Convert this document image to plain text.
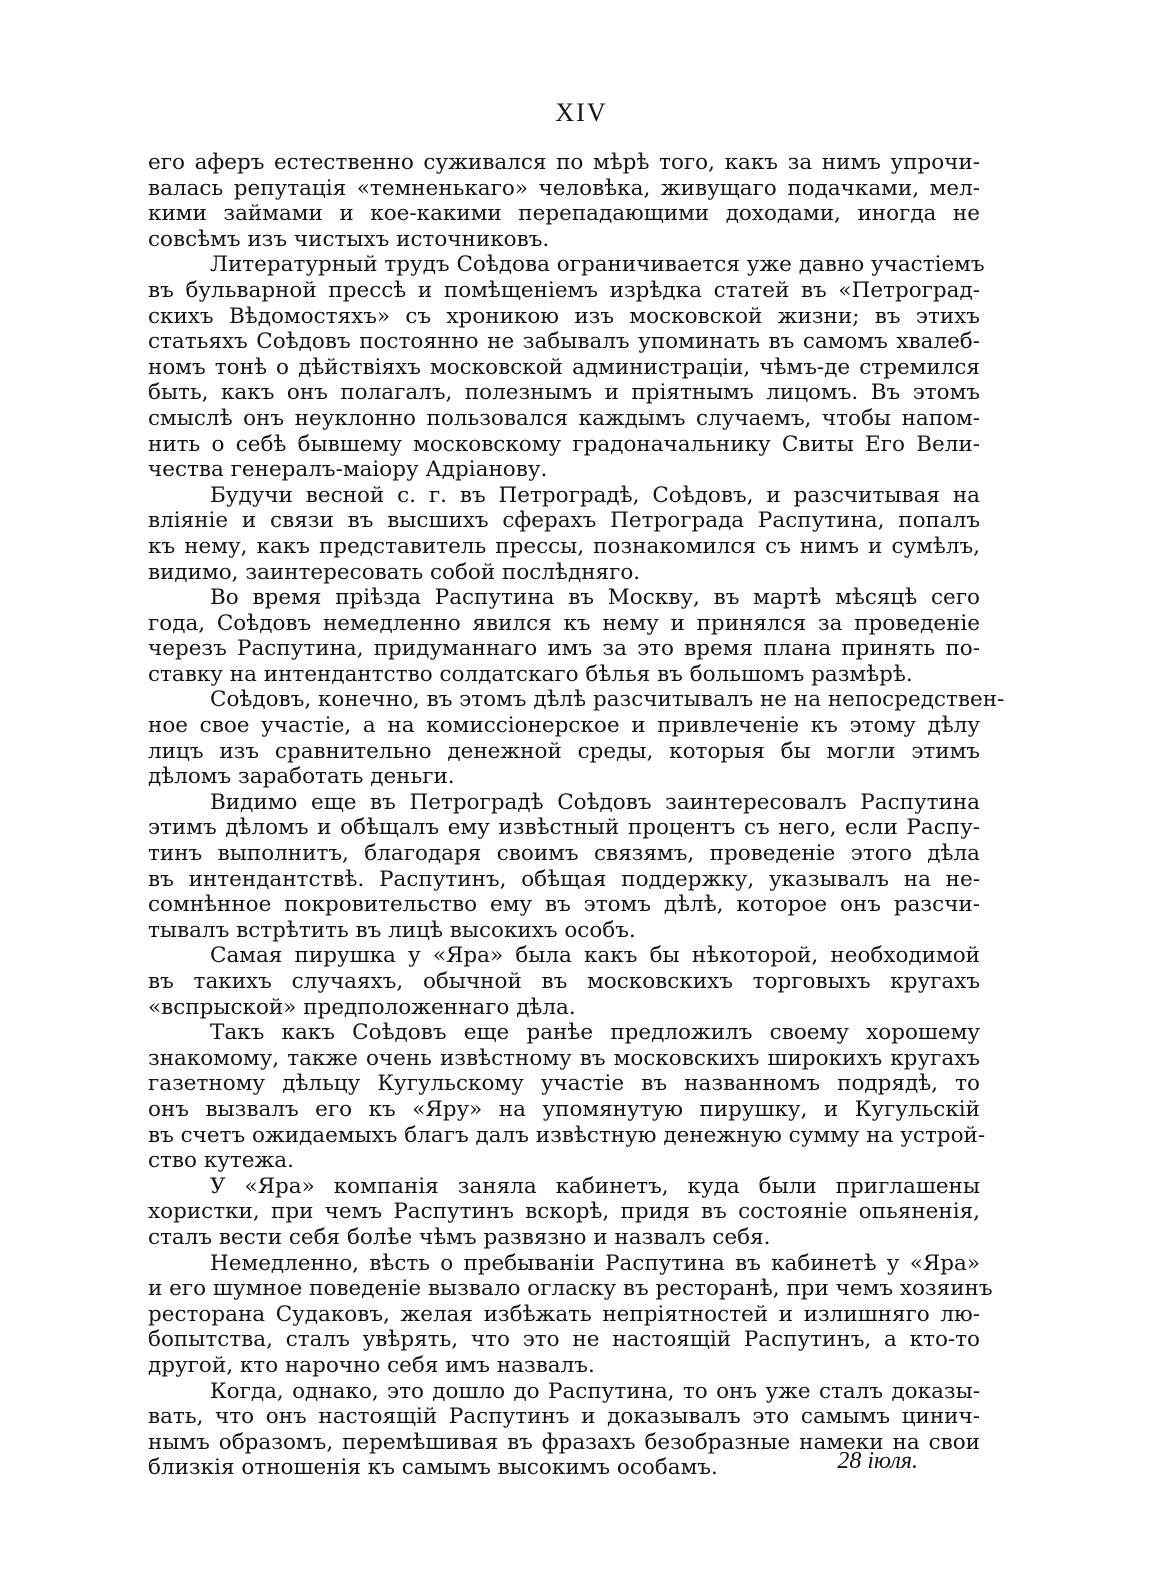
XIV
его аферъ естественно суживался по мѣрѣ того, какъ за нимъ упрочи-
валась репутація «темненькаго» человѣка, живущаго подачками, мел-
кими займами и кое-какими перепадающими доходами, иногда не
совсѣмъ изъ чистыхъ источниковъ.
Литературный трудъ Соѣдова ограничивается уже давно участіемъ
въ бульварной прессѣ и помѣщеніемъ изрѣдка статей въ «Петроград-
скихъ Вѣдомостяхъ» съ хроникою изъ московской жизни; въ этихъ
статьяхъ Соѣдовъ постоянно не забывалъ упоминать въ самомъ хвалеб-
номъ тонѣ о дѣйствіяхъ московской администраціи, чѣмъ-де стремился
быть, какъ онъ полагалъ, полезнымъ и пріятнымъ лицомъ. Въ этомъ
смыслѣ онъ неуклонно пользовался каждымъ случаемъ, чтобы напом-
нить о себѣ бывшему московскому градоначальнику Свиты Его Вели-
чества генералъ-маіору Адріанову.
Будучи весной с. г. въ Петроградѣ, Соѣдовъ, и разсчитывая на
вліяніе и связи въ высшихъ сферахъ Петрограда Распутина, попалъ
къ нему, какъ представитель прессы, познакомился съ нимъ и сумѣлъ,
видимо, заинтересовать собой послѣдняго.
Во время пріѣзда Распутина въ Москву, въ мартѣ мѣсяцѣ сего
года, Соѣдовъ немедленно явился къ нему и принялся за проведеніе
черезъ Распутина, придуманнаго имъ за это время плана принять по-
ставку на интендантство солдатскаго бѣлья въ большомъ размѣрѣ.
Соѣдовъ, конечно, въ этомъ дѣлѣ разсчитывалъ не на непосредствен-
ное свое участіе, а на комиссіонерское и привлеченіе къ этому дѣлу
лицъ изъ сравнительно денежной среды, которыя бы могли этимъ
дѣломъ заработать деньги.
Видимо еще въ Петроградѣ Соѣдовъ заинтересовалъ Распутина
этимъ дѣломъ и обѣщалъ ему извѣстный процентъ съ него, если Распу-
тинъ выполнитъ, благодаря своимъ связямъ, проведеніе этого дѣла
въ интендантствѣ. Распутинъ, обѣщая поддержку, указывалъ на не-
сомнѣнное покровительство ему въ этомъ дѣлѣ, которое онъ разсчи-
тывалъ встрѣтить въ лицѣ высокихъ особъ.
Самая пирушка у «Яра» была какъ бы нѣкоторой, необходимой
въ такихъ случаяхъ, обычной въ московскихъ торговыхъ кругахъ
«вспрыской» предположеннаго дѣла.
Такъ какъ Соѣдовъ еще ранѣе предложилъ своему хорошему
знакомому, также очень извѣстному въ московскихъ широкихъ кругахъ
газетному дѣльцу Кугульскому участіе въ названномъ подрядѣ, то
онъ вызвалъ его къ «Яру» на упомянутую пирушку, и Кугульскій
въ счетъ ожидаемыхъ благъ далъ извѣстную денежную сумму на устрой-
ство кутежа.
У «Яра» компанія заняла кабинетъ, куда были приглашены
хористки, при чемъ Распутинъ вскорѣ, придя въ состояніе опьяненія,
сталъ вести себя болѣе чѣмъ развязно и назвалъ себя.
Немедленно, вѣсть о пребываніи Распутина въ кабинетѣ у «Яра»
и его шумное поведеніе вызвало огласку въ ресторанѣ, при чемъ хозяинъ
ресторана Судаковъ, желая избѣжать непріятностей и излишняго лю-
бопытства, сталъ увѣрять, что это не настоящій Распутинъ, а кто-то
другой, кто нарочно себя имъ назвалъ.
Когда, однако, это дошло до Распутина, то онъ уже сталъ доказы-
вать, что онъ настоящій Распутинъ и доказывалъ это самымъ цинич-
нымъ образомъ, перемѣшивая въ фразахъ безобразные намеки на свои
близкія отношенія къ самымъ высокимъ особамъ.	28 іюля.
